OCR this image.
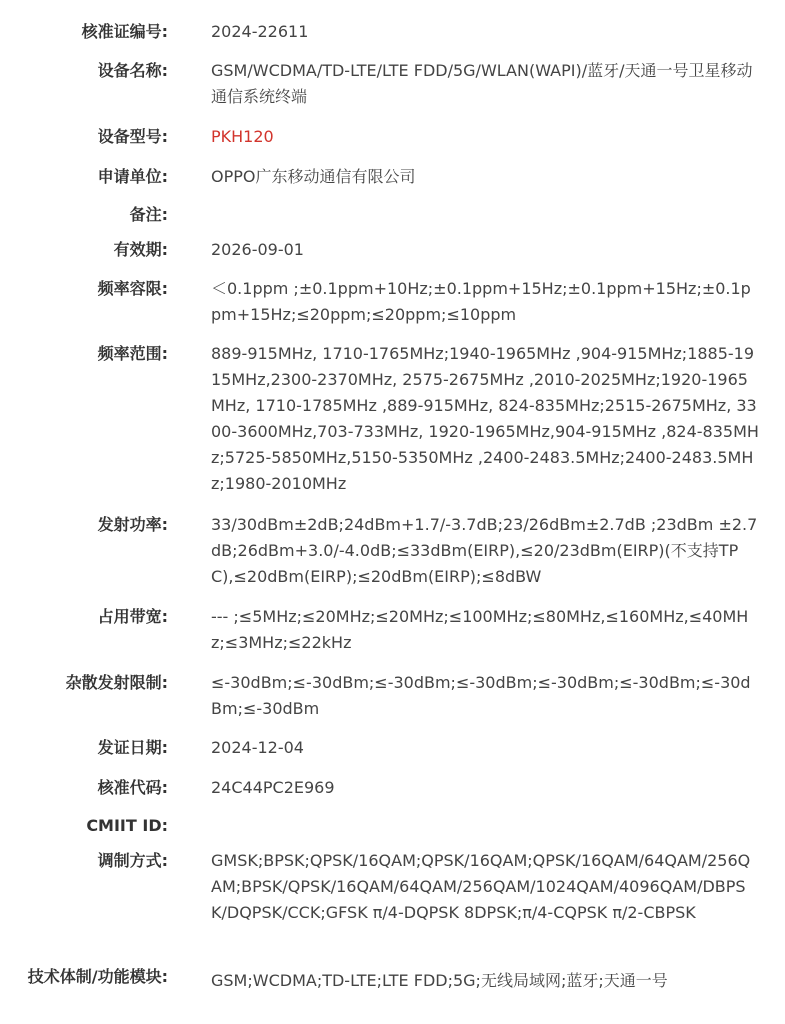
核准证编号:	2024-22611
设备名称:	GSM/WCDMA/TD-LTE/LTE FDD/5G/WLAN(WAPI)/蓝牙/天通一号卫星移动通信系统终端
设备型号:	PKH120
申请单位:	OPPO广东移动通信有限公司
备注:
有效期:	2026-09-01
频率容限:	＜0.1ppm ;±0.1ppm+10Hz;±0.1ppm+15Hz;±0.1ppm+15Hz;±0.1ppm+15Hz;≤20ppm;≤20ppm;≤10ppm
频率范围:	889-915MHz, 1710-1765MHz;1940-1965MHz ,904-915MHz;1885-1915MHz,2300-2370MHz, 2575-2675MHz ,2010-2025MHz;1920-1965MHz, 1710-1785MHz ,889-915MHz, 824-835MHz;2515-2675MHz, 3300-3600MHz,703-733MHz, 1920-1965MHz,904-915MHz ,824-835MHz;5725-5850MHz,5150-5350MHz ,2400-2483.5MHz;2400-2483.5MHz;1980-2010MHz
发射功率:	33/30dBm±2dB;24dBm+1.7/-3.7dB;23/26dBm±2.7dB ;23dBm ±2.7dB;26dBm+3.0/-4.0dB;≤33dBm(EIRP),≤20/23dBm(EIRP)(不支持TPC),≤20dBm(EIRP);≤20dBm(EIRP);≤8dBW
占用带宽:	--- ;≤5MHz;≤20MHz;≤20MHz;≤100MHz;≤80MHz,≤160MHz,≤40MHz;≤3MHz;≤22kHz
杂散发射限制:	≤-30dBm;≤-30dBm;≤-30dBm;≤-30dBm;≤-30dBm;≤-30dBm;≤-30dBm;≤-30dBm
发证日期:	2024-12-04
核准代码:	24C44PC2E969
CMIIT ID:
调制方式:	GMSK;BPSK;QPSK/16QAM;QPSK/16QAM;QPSK/16QAM/64QAM/256QAM;BPSK/QPSK/16QAM/64QAM/256QAM/1024QAM/4096QAM/DBPSK/DQPSK/CCK;GFSK π/4-DQPSK 8DPSK;π/4-CQPSK π/2-CBPSK
技术体制/功能模块:	GSM;WCDMA;TD-LTE;LTE FDD;5G;无线局域网;蓝牙;天通一号
